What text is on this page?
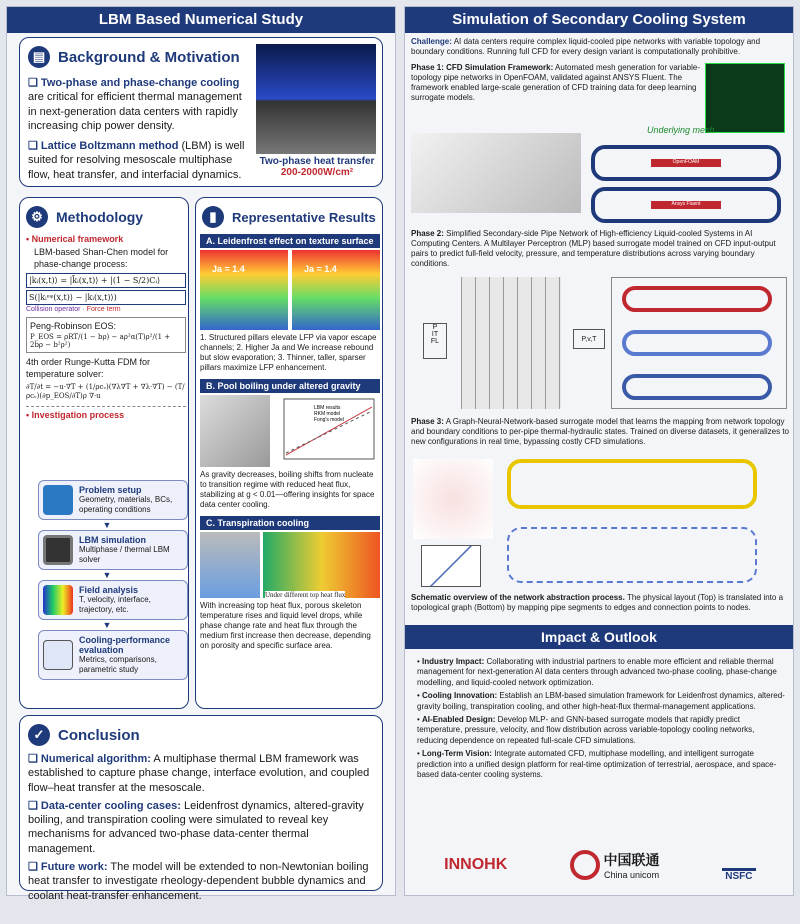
LBM Based Numerical Study
▤ Background & Motivation

❑ Two-phase and phase-change cooling are critical for efficient thermal management in next-generation data centers with rapidly increasing chip power density.

❑ Lattice Boltzmann method (LBM) is well suited for resolving mesoscale multiphase flow, heat transfer, and interfacial dynamics.

Two-phase heat transfer
200-2000W/cm²
⚙ Methodology
• Numerical framework
LBM-based Shan-Chen model for phase-change process:
|kᵢ(x,t)⟩ = |k̃ᵢ(x,t)⟩ + |(1 − S/2)Cᵢ⟩
S(|kᵢᵉᵠ(x,t)⟩ − |kᵢ(x,t)⟩)
Collision operator · Force term
Peng-Robinson EOS:
P_EOS = ρRT/(1 − bρ) − aρ²α(T)ρ²/(1 + 2bρ − b²ρ²)
4th order Runge-Kutta FDM for temperature solver:
∂T/∂t = −u·∇T + (1/ρcᵥ)(∇λ∇T + ∇λ·∇T) − (T/ρcᵥ)(∂p_EOS/∂T)ρ ∇·u
• Investigation process
Problem setup
Geometry, materials, BCs, operating conditions
▼
LBM simulation
Multiphase / thermal LBM solver
▼
Field analysis
T, velocity, interface, trajectory, etc.
▼
Cooling-performance evaluation
Metrics, comparisons, parametric study
▮	Representative Results
A. Leidenfrost effect on texture surface
Ja = 1.4	Ja = 1.4
1. Structured pillars elevate LFP via vapor escape channels; 2. Higher Ja and We increase rebound but slow evaporation; 3. Thinner, taller, sparser pillars maximize LFP enhancement.
B. Pool boiling under altered gravity
LBM results
RKM model
Fong's model
As gravity decreases, boiling shifts from nucleate to transition regime with reduced heat flux, stabilizing at g < 0.01—offering insights for space data center cooling.
C. Transpiration cooling
Under different top heat flux
With increasing top heat flux, porous skeleton temperature rises and liquid level drops, while phase change rate and heat flux through the medium first increase then decrease, depending on porosity and specific surface area.
✓ Conclusion

❑ Numerical algorithm: A multiphase thermal LBM framework was established to capture phase change, interface evolution, and coupled flow–heat transfer at the mesoscale.

❑ Data-center cooling cases: Leidenfrost dynamics, altered-gravity boiling, and transpiration cooling were simulated to reveal key mechanisms for advanced two-phase data-center thermal management.

❑ Future work: The model will be extended to non-Newtonian boiling heat transfer to investigate rheology-dependent bubble dynamics and coolant heat-transfer enhancement.

Simulation of Secondary Cooling System

Challenge: AI data centers require complex liquid-cooled pipe networks with variable topology and boundary conditions. Running full CFD for every design variant is computationally prohibitive.

Phase 1: CFD Simulation Framework: Automated mesh generation for variable-topology pipe networks in OpenFOAM, validated against ANSYS Fluent. The framework enabled large-scale generation of CFD training data for deep learning surrogate models.

Underlying mesh
OpenFOAM
Ansys Fluent

Phase 2: Simplified Secondary-side Pipe Network of High-efficiency Liquid-cooled Systems in AI Computing Centers. A Multilayer Perceptron (MLP) based surrogate model trained on CFD input-output pairs to predict full-field velocity, pressure, and temperature distributions across varying boundary conditions.

P
IT
FL	P,v,T

Phase 3: A Graph-Neural-Network-based surrogate model that learns the mapping from network topology and boundary conditions to per-pipe thermal-hydraulic states. Trained on diverse datasets, it generalizes to new configurations in real time, bypassing costly CFD simulations.

Schematic overview of the network abstraction process. The physical layout (Top) is translated into a topological graph (Bottom) by mapping pipe segments to edges and connection points to nodes.

Impact & Outlook

• Industry Impact: Collaborating with industrial partners to enable more efficient and reliable thermal management for next-generation AI data centers through advanced two-phase cooling, phase-change modelling, and liquid-cooled network optimization.

• Cooling Innovation: Establish an LBM-based simulation framework for Leidenfrost dynamics, altered-gravity boiling, transpiration cooling, and other high-heat-flux thermal-management applications.

• AI-Enabled Design: Develop MLP- and GNN-based surrogate models that rapidly predict temperature, pressure, velocity, and flow distribution across variable-topology cooling networks, reducing dependence on repeated full-scale CFD simulations.

• Long-Term Vision: Integrate automated CFD, multiphase modelling, and intelligent surrogate prediction into a unified design platform for real-time optimization of terrestrial, aerospace, and space-based data-center cooling systems.

INNOHK	中国联通
China unicom	NSFC
